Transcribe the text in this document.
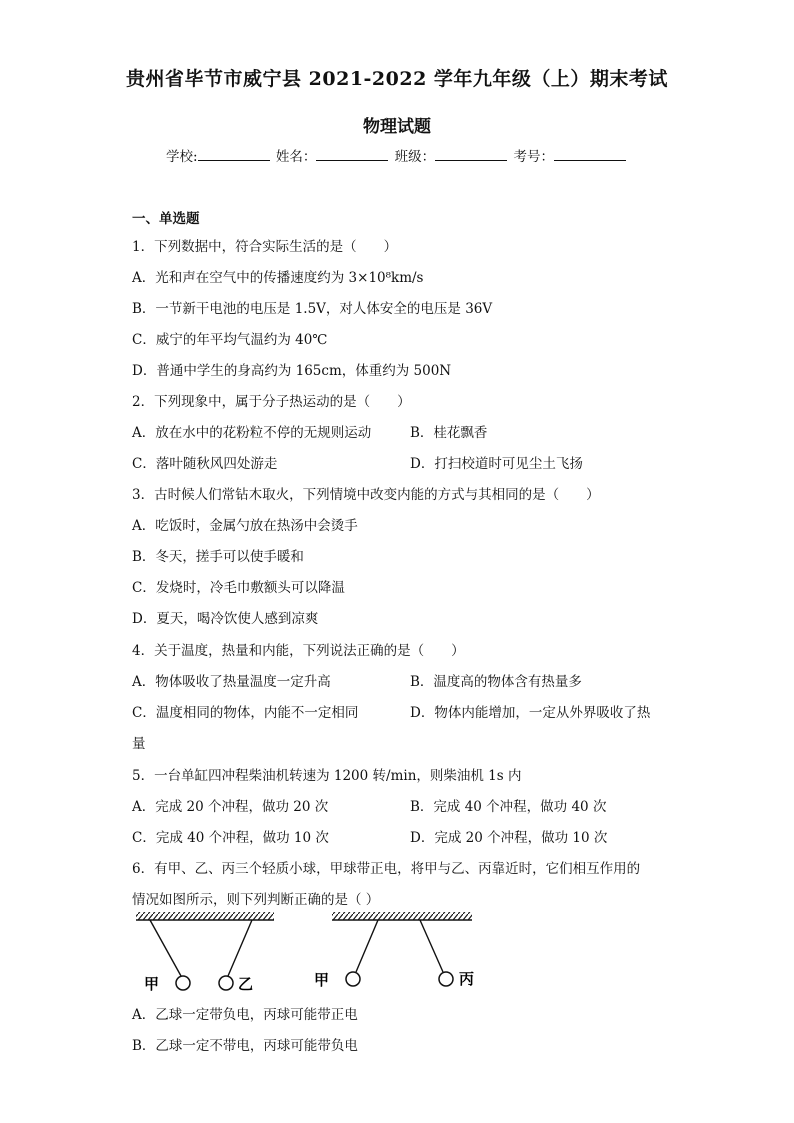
贵州省毕节市威宁县 2021-2022 学年九年级（上）期末考试
物理试题
学校:	姓名：	班级：	考号：
一、单选题
1．下列数据中，符合实际生活的是（　　）
A．光和声在空气中的传播速度约为 3×10⁸km/s
B．一节新干电池的电压是 1.5V，对人体安全的电压是 36V
C．威宁的年平均气温约为 40℃
D．普通中学生的身高约为 165cm，体重约为 500N
2．下列现象中，属于分子热运动的是（　　）
A．放在水中的花粉粒不停的无规则运动	B．桂花飘香
C．落叶随秋风四处游走	D．打扫校道时可见尘土飞扬
3．古时候人们常钻木取火，下列情境中改变内能的方式与其相同的是（　　）
A．吃饭时，金属勺放在热汤中会烫手
B．冬天，搓手可以使手暖和
C．发烧时，冷毛巾敷额头可以降温
D．夏天，喝冷饮使人感到凉爽
4．关于温度，热量和内能，下列说法正确的是（　　）
A．物体吸收了热量温度一定升高	B．温度高的物体含有热量多
C．温度相同的物体，内能不一定相同	D．物体内能增加，一定从外界吸收了热
量
5．一台单缸四冲程柴油机转速为 1200 转/min，则柴油机 1s 内
A．完成 20 个冲程，做功 20 次	B．完成 40 个冲程，做功 40 次
C．完成 40 个冲程，做功 10 次	D．完成 20 个冲程，做功 10 次
6．有甲、乙、丙三个轻质小球，甲球带正电，将甲与乙、丙靠近时，它们相互作用的
情况如图所示，则下列判断正确的是（ ）
甲	乙	甲	丙
A．乙球一定带负电，丙球可能带正电
B．乙球一定不带电，丙球可能带负电
